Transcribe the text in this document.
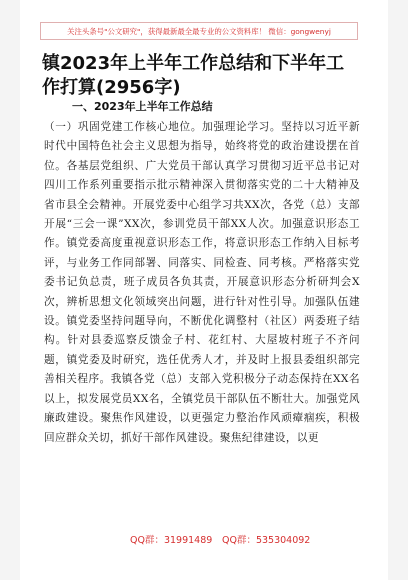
关注头条号"公文研究"，获得最新最全最专业的公文资料库！ 微信：gongwenyj
镇2023年上半年工作总结和下半年工作打算(2956字)
一、2023年上半年工作总结

（一）巩固党建工作核心地位。加强理论学习。坚持以习近平新时代中国特色社会主义思想为指导，始终将党的政治建设摆在首位。各基层党组织、广大党员干部认真学习贯彻习近平总书记对四川工作系列重要指示批示精神深入贯彻落实党的二十大精神及省市县全会精神。开展党委中心组学习共XX次，各党（总）支部开展“三会一课”XX次，参训党员干部XX人次。加强意识形态工作。镇党委高度重视意识形态工作，将意识形态工作纳入目标考评，与业务工作同部署、同落实、同检查、同考核。严格落实党委书记负总责，班子成员各负其责，开展意识形态分析研判会X次，辨析思想文化领域突出问题，进行针对性引导。加强队伍建设。镇党委坚持问题导向，不断优化调整村（社区）两委班子结构。针对县委巡察反馈金子村、花红村、大屋坡村班子不齐问题，镇党委及时研究，选任优秀人才，并及时上报县委组织部完善相关程序。我镇各党（总）支部入党积极分子动态保持在XX名以上，拟发展党员XX名，全镇党员干部队伍不断壮大。加强党风廉政建设。聚焦作风建设，以更强定力整治作风顽瘴痼疾，积极回应群众关切，抓好干部作风建设。聚焦纪律建设，以更

QQ群：31991489 QQ群：535304092
